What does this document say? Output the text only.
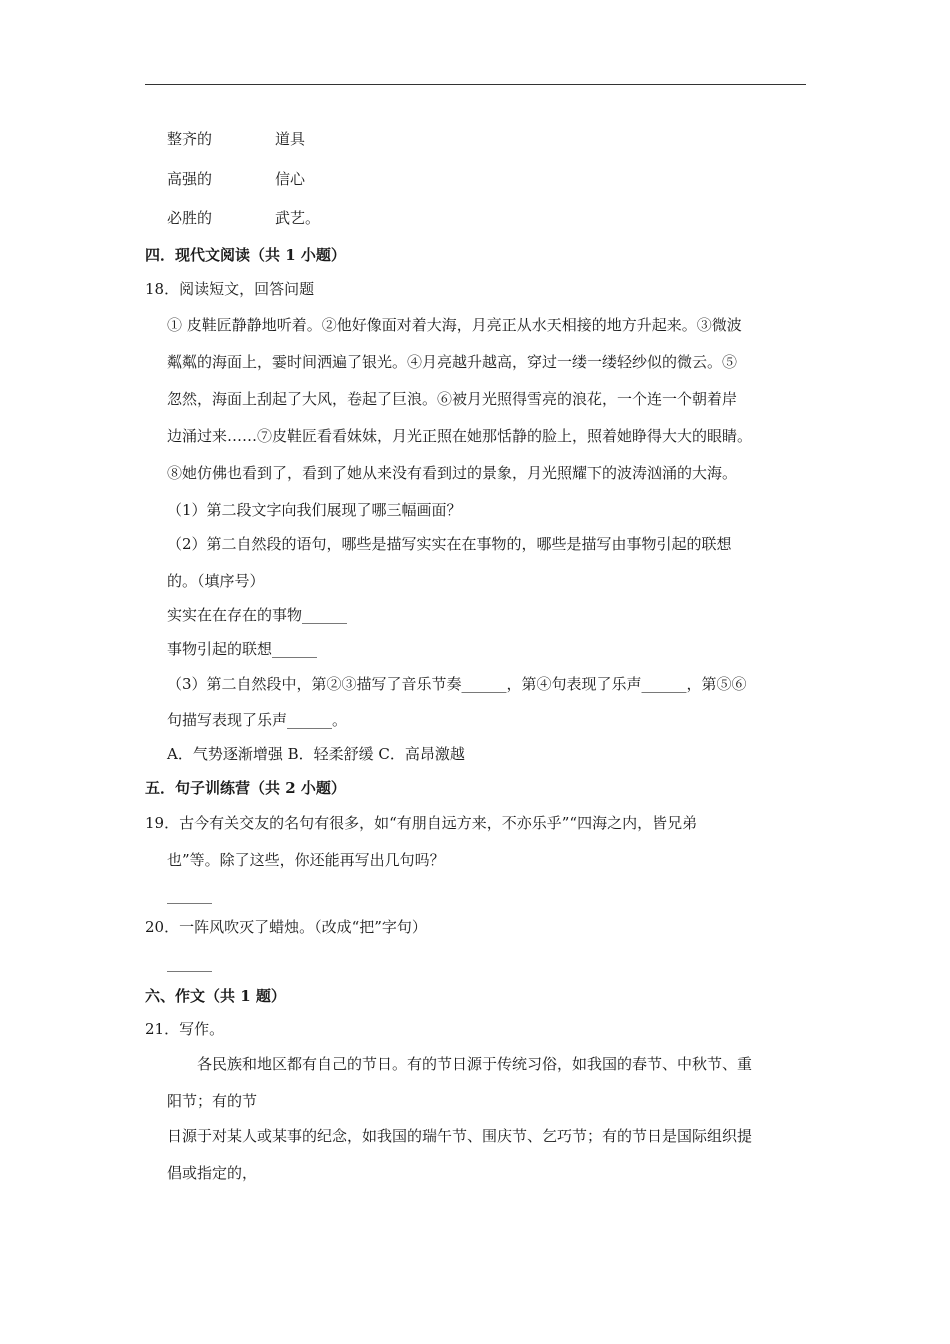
整齐的	道具
高强的	信心
必胜的	武艺。
四．现代文阅读（共 1 小题）
18．阅读短文，回答问题
① 皮鞋匠静静地听着。②他好像面对着大海，月亮正从水天相接的地方升起来。③微波
粼粼的海面上，霎时间洒遍了银光。④月亮越升越高，穿过一缕一缕轻纱似的微云。⑤
忽然，海面上刮起了大风，卷起了巨浪。⑥被月光照得雪亮的浪花，一个连一个朝着岸
边涌过来……⑦皮鞋匠看看妹妹，月光正照在她那恬静的脸上，照着她睁得大大的眼睛。
⑧她仿佛也看到了，看到了她从来没有看到过的景象，月光照耀下的波涛汹涌的大海。
（1）第二段文字向我们展现了哪三幅画面？
（2）第二自然段的语句，哪些是描写实实在在事物的，哪些是描写由事物引起的联想
的。（填序号）
实实在在存在的事物______
事物引起的联想______
（3）第二自然段中，第②③描写了音乐节奏______，第④句表现了乐声______，第⑤⑥
句描写表现了乐声______。
A．气势逐渐增强 B．轻柔舒缓 C．高昂激越
五．句子训练营（共 2 小题）
19．古今有关交友的名句有很多，如“有朋自远方来，不亦乐乎”“四海之内，皆兄弟
也”等。除了这些，你还能再写出几句吗？
______
20．一阵风吹灭了蜡烛。（改成“把”字句）
______
六、作文（共 1 题）
21．写作。
各民族和地区都有自己的节日。有的节日源于传统习俗，如我国的春节、中秋节、重
阳节；有的节
日源于对某人或某事的纪念，如我国的瑞午节、围庆节、乞巧节；有的节日是国际组织提
倡或指定的，
